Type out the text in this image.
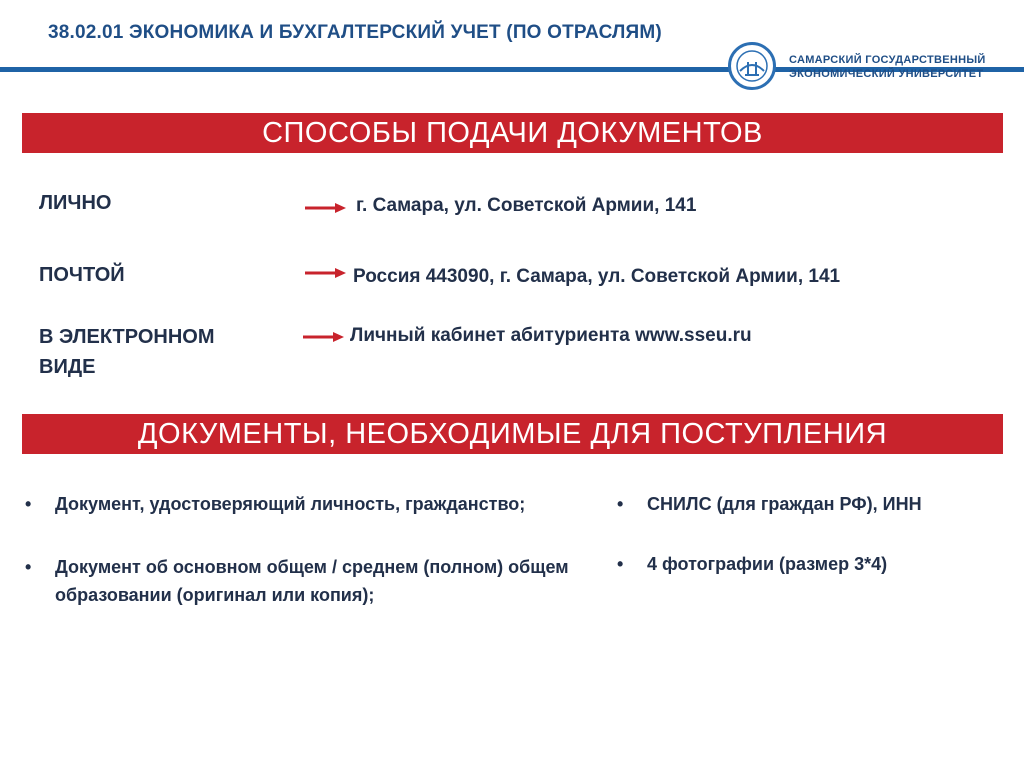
38.02.01 ЭКОНОМИКА И БУХГАЛТЕРСКИЙ УЧЕТ (ПО ОТРАСЛЯМ)
САМАРСКИЙ ГОСУДАРСТВЕННЫЙ
ЭКОНОМИЧЕСКИЙ УНИВЕРСИТЕТ
СПОСОБЫ ПОДАЧИ ДОКУМЕНТОВ
ЛИЧНО	г. Самара, ул. Советской Армии, 141
ПОЧТОЙ	Россия 443090, г. Самара, ул. Советской Армии, 141
В ЭЛЕКТРОННОМ ВИДЕ
Личный кабинет абитуриента www.sseu.ru
ДОКУМЕНТЫ, НЕОБХОДИМЫЕ ДЛЯ ПОСТУПЛЕНИЯ
• Документ, удостоверяющий личность, гражданство;
• Документ об основном общем / среднем (полном) общем образовании (оригинал или копия);
• СНИЛС (для граждан РФ), ИНН
• 4 фотографии (размер 3*4)
